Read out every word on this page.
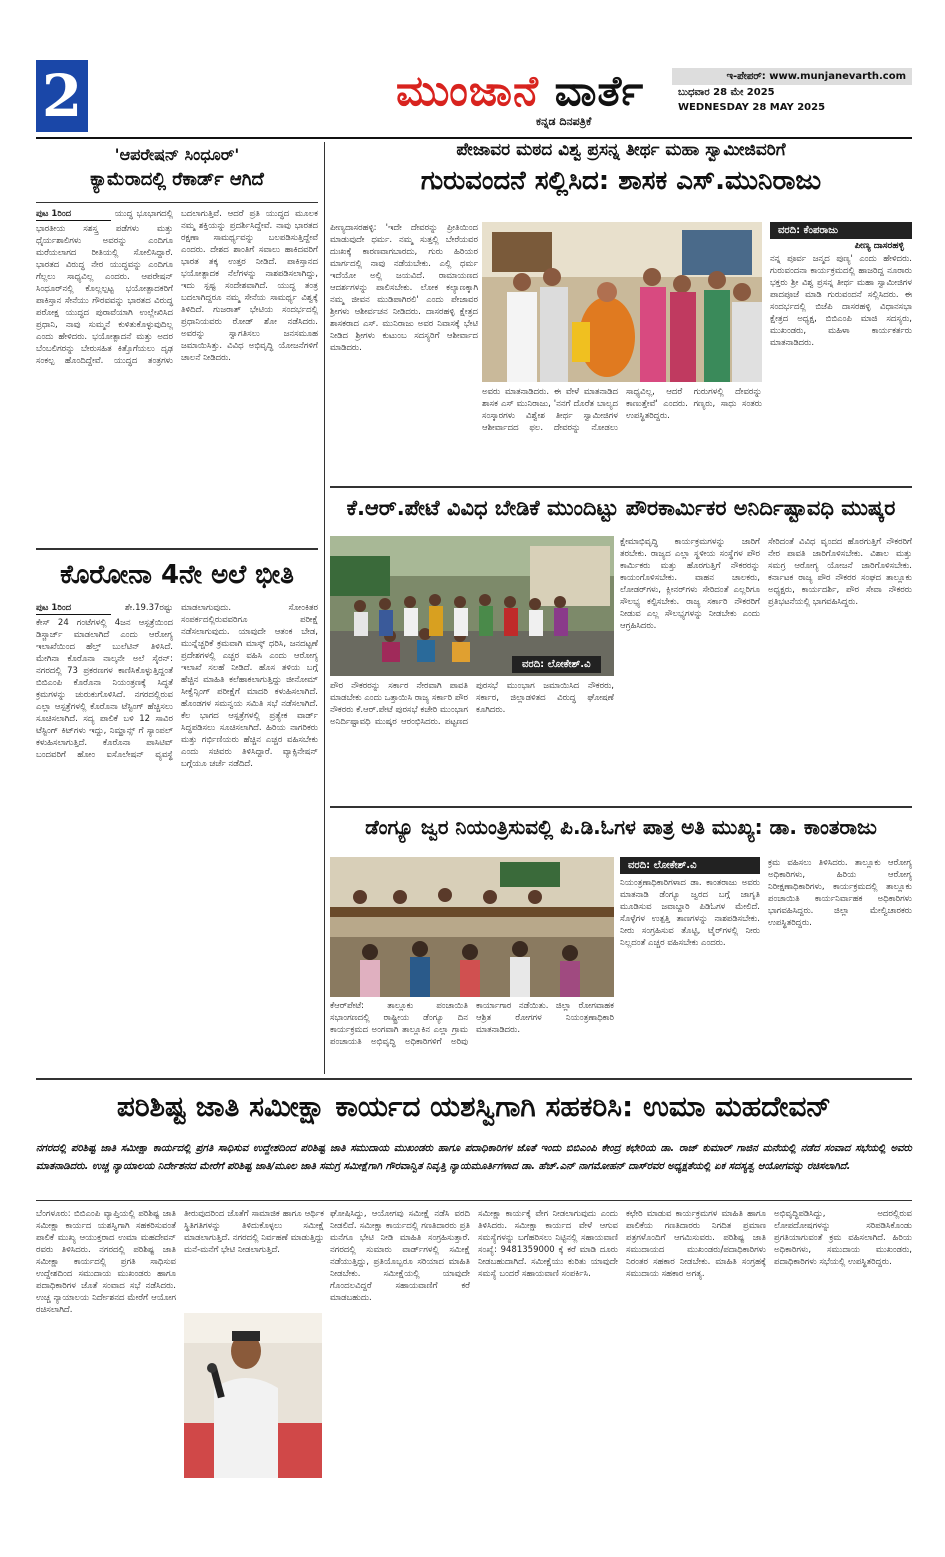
2	ಮುಂಜಾನೆ ವಾರ್ತೆ
ಕನ್ನಡ ದಿನಪತ್ರಿಕೆ
ಇ-ಪೇಪರ್: www.munjanevarth.com
ಬುಧವಾರ 28 ಮೇ 2025
WEDNESDAY 28 MAY 2025
'ಆಪರೇಷನ್ ಸಿಂಧೂರ್'
ಕ್ಯಾಮೆರಾದಲ್ಲಿ ರೆಕಾರ್ಡ್ ಆಗಿದೆ
ಪುಟ 1ರಿಂದ	ಯುದ್ಧ ಭೂಭಾಗದಲ್ಲಿ ಭಾರತೀಯ ಸಶಸ್ತ್ರ ಪಡೆಗಳು ಮತ್ತು ಧೈರ್ಯಶಾಲಿಗಳು ಅವರನ್ನು ಎಂದಿಗೂ ಮರೆಯಲಾಗದ ರೀತಿಯಲ್ಲಿ ಸೋಲಿಸಿದ್ದಾರೆ. ಭಾರತದ ವಿರುದ್ಧ ನೇರ ಯುದ್ಧವನ್ನು ಎಂದಿಗೂ ಗೆಲ್ಲಲು ಸಾಧ್ಯವಿಲ್ಲ ಎಂದರು. ಆಪರೇಷನ್ ಸಿಂಧೂರ್‌ನಲ್ಲಿ ಕೊಲ್ಲಲ್ಪಟ್ಟ ಭಯೋತ್ಪಾದಕರಿಗೆ ಪಾಕಿಸ್ತಾನ ಸೇನೆಯು ಗೌರವವನ್ನು ಭಾರತದ ವಿರುದ್ಧ ಪರೋಕ್ಷ ಯುದ್ಧದ ಪುರಾವೆಯಾಗಿ ಉಲ್ಲೇಖಿಸಿದ ಪ್ರಧಾನಿ, ನಾವು ಸುಮ್ಮನೆ ಕುಳಿತುಕೊಳ್ಳುವುದಿಲ್ಲ ಎಂದು ಹೇಳಿದರು. ಭಯೋತ್ಪಾದನೆ ಮತ್ತು ಅದರ ಬೆಂಬಲಿಗರನ್ನು ಬೇರುಸಹಿತ ಕಿತ್ತೊಗೆಯಲು ದೃಢ ಸಂಕಲ್ಪ ಹೊಂದಿದ್ದೇವೆ. ಯುದ್ಧದ ತಂತ್ರಗಳು ಬದಲಾಗುತ್ತಿವೆ. ಆದರೆ ಪ್ರತಿ ಯುದ್ಧದ ಮೂಲಕ ನಮ್ಮ ಶಕ್ತಿಯನ್ನು ಪ್ರದರ್ಶಿಸಿದ್ದೇವೆ. ನಾವು ಭಾರತದ ರಕ್ಷಣಾ ಸಾಮರ್ಥ್ಯವನ್ನು ಬಲಪಡಿಸುತ್ತಿದ್ದೇವೆ ಎಂದರು. ದೇಶದ ಶಾಂತಿಗೆ ಸವಾಲು ಹಾಕಿದವರಿಗೆ ಭಾರತ ತಕ್ಕ ಉತ್ತರ ನೀಡಿದೆ. ಪಾಕಿಸ್ತಾನದ ಭಯೋತ್ಪಾದಕ ನೆಲೆಗಳನ್ನು ನಾಶಪಡಿಸಲಾಗಿದ್ದು, ಇದು ಸ್ಪಷ್ಟ ಸಂದೇಶವಾಗಿದೆ. ಯುದ್ಧ ತಂತ್ರ ಬದಲಾಗಿದ್ದರೂ ನಮ್ಮ ಸೇನೆಯ ಸಾಮರ್ಥ್ಯ ವಿಶ್ವಕ್ಕೆ ತಿಳಿದಿದೆ. ಗುಜರಾತ್ ಭೇಟಿಯ ಸಂದರ್ಭದಲ್ಲಿ ಪ್ರಧಾನಿಯವರು ರೋಡ್ ಶೋ ನಡೆಸಿದರು. ಅವರನ್ನು ಸ್ವಾಗತಿಸಲು ಜನಸಮೂಹ ಜಮಾಯಿಸಿತ್ತು. ವಿವಿಧ ಅಭಿವೃದ್ಧಿ ಯೋಜನೆಗಳಿಗೆ ಚಾಲನೆ ನೀಡಿದರು.
ಕೊರೋನಾ 4ನೇ ಅಲೆ ಭೀತಿ
ಪುಟ 1ರಿಂದ	ಶೇ.19.37ರಷ್ಟು ಕೇಸ್ 24 ಗಂಟೆಗಳಲ್ಲಿ 4ಜನ ಆಸ್ಪತ್ರೆಯಿಂದ ಡಿಸ್ಚಾರ್ಜ್ ಮಾಡಲಾಗಿದೆ ಎಂದು ಆರೋಗ್ಯ ಇಲಾಖೆಯಿಂದ ಹೆಲ್ತ್ ಬುಲೆಟಿನ್ ತಿಳಿಸಿದೆ. ಮೇಗಿನಾ ಕೊರೊನಾ ನಾಲ್ಕನೇ ಅಲೆ ಸೈರನ್: ನಗರದಲ್ಲಿ 73 ಪ್ರಕರಣಗಳ ಕಾಣಿಸಿಕೊಳ್ಳುತ್ತಿದ್ದಂತೆ ಬಿಬಿಎಂಪಿ ಕೊರೊನಾ ನಿಯಂತ್ರಣಕ್ಕೆ ಸಿದ್ಧತೆ ಕ್ರಮಗಳನ್ನು ಚುರುಕುಗೊಳಿಸಿದೆ. ನಗರದಲ್ಲಿರುವ ಎಲ್ಲಾ ಆಸ್ಪತ್ರೆಗಳಲ್ಲಿ ಕೊರೊನಾ ಟೆಸ್ಟಿಂಗ್ ಹೆಚ್ಚಿಸಲು ಸೂಚಿಸಲಾಗಿದೆ. ಸದ್ಯ ಪಾಲಿಕೆ ಬಳಿ 12 ಸಾವಿರ ಟೆಸ್ಟಿಂಗ್ ಕಿಟ್‌ಗಳು ಇದ್ದು, ನಿಮ್ಹಾನ್ಸ್ ಗೆ ಸ್ಯಾಂಪಲ್ ಕಳುಹಿಸಲಾಗುತ್ತಿದೆ. ಕೊರೊನಾ ಪಾಸಿಟಿವ್ ಬಂದವರಿಗೆ ಹೋಂ ಐಸೊಲೇಷನ್ ವ್ಯವಸ್ಥೆ ಮಾಡಲಾಗುವುದು. ಸೋಂಕಿತರ ಸಂಪರ್ಕದಲ್ಲಿರುವವರಿಗೂ ಪರೀಕ್ಷೆ ನಡೆಸಲಾಗುವುದು. ಯಾವುದೇ ಆತಂಕ ಬೇಡ, ಮುನ್ನೆಚ್ಚರಿಕೆ ಕ್ರಮವಾಗಿ ಮಾಸ್ಕ್ ಧರಿಸಿ, ಜನದಟ್ಟಣೆ ಪ್ರದೇಶಗಳಲ್ಲಿ ಎಚ್ಚರ ವಹಿಸಿ ಎಂದು ಆರೋಗ್ಯ ಇಲಾಖೆ ಸಲಹೆ ನೀಡಿದೆ. ಹೊಸ ತಳಿಯ ಬಗ್ಗೆ ಹೆಚ್ಚಿನ ಮಾಹಿತಿ ಕಲೆಹಾಕಲಾಗುತ್ತಿದ್ದು ಜೀನೋಮ್ ಸೀಕ್ವೆನ್ಸಿಂಗ್ ಪರೀಕ್ಷೆಗೆ ಮಾದರಿ ಕಳುಹಿಸಲಾಗಿದೆ. ಹೊಂಡಗಳ ಸಮನ್ವಯ ಸಮಿತಿ ಸಭೆ ನಡೆಸಲಾಗಿದೆ. ಕೆಲ ಭಾಗದ ಆಸ್ಪತ್ರೆಗಳಲ್ಲಿ ಪ್ರತ್ಯೇಕ ವಾರ್ಡ್ ಸಿದ್ಧಪಡಿಸಲು ಸೂಚಿಸಲಾಗಿದೆ. ಹಿರಿಯ ನಾಗರಿಕರು ಮತ್ತು ಗರ್ಭಿಣಿಯರು ಹೆಚ್ಚಿನ ಎಚ್ಚರ ವಹಿಸಬೇಕು ಎಂದು ಸಚಿವರು ತಿಳಿಸಿದ್ದಾರೆ. ವ್ಯಾಕ್ಸಿನೇಷನ್ ಬಗ್ಗೆಯೂ ಚರ್ಚೆ ನಡೆದಿದೆ.
ಪೇಜಾವರ ಮಠದ ವಿಶ್ವ ಪ್ರಸನ್ನ ತೀರ್ಥ ಮಹಾ ಸ್ವಾಮೀಜಿವರಿಗೆ
ಗುರುವಂದನೆ ಸಲ್ಲಿಸಿದ: ಶಾಸಕ ಎಸ್.ಮುನಿರಾಜು
ಪೀಣ್ಯದಾಸರಹಳ್ಳಿ: 'ಇದೇ ದೇವರನ್ನು ಪ್ರೀತಿಯಿಂದ ಮಾಡುವುದೇ ಧರ್ಮ. ನಮ್ಮ ಸುತ್ತಲ್ಲಿ ಬೇರೆಯವರ ದುಃಖಕ್ಕೆ ಕಾರಣವಾಗಬಾರದು, ಗುರು ಹಿರಿಯರ ಮಾರ್ಗದಲ್ಲಿ ನಾವು ನಡೆಯಬೇಕು. ಎಲ್ಲಿ ಧರ್ಮ ಇದೆಯೋ ಅಲ್ಲಿ ಜಯವಿದೆ. ರಾಮಾಯಣದ ಆದರ್ಶಗಳನ್ನು ಪಾಲಿಸಬೇಕು. ಲೋಕ ಕಲ್ಯಾಣಕ್ಕಾಗಿ ನಮ್ಮ ಜೀವನ ಮುಡಿಪಾಗಿರಲಿ' ಎಂದು ಪೇಜಾವರ ಶ್ರೀಗಳು ಆಶೀರ್ವಚನ ನೀಡಿದರು. ದಾಸರಹಳ್ಳಿ ಕ್ಷೇತ್ರದ ಶಾಸಕರಾದ ಎಸ್. ಮುನಿರಾಜು ಅವರ ನಿವಾಸಕ್ಕೆ ಭೇಟಿ ನೀಡಿದ ಶ್ರೀಗಳು ಕುಟುಂಬ ಸದಸ್ಯರಿಗೆ ಆಶೀರ್ವಾದ ಮಾಡಿದರು.
ಅವರು ಮಾತನಾಡಿದರು. ಈ ವೇಳೆ ಮಾತನಾಡಿದ ಶಾಸಕ ಎಸ್ ಮುನಿರಾಜು, 'ನನಗೆ ದೊರೆತ ಬಾಲ್ಯದ ಸಂಸ್ಕಾರಗಳು ವಿಶ್ವೇಶ ತೀರ್ಥ ಸ್ವಾಮೀಜಿಗಳ ಆಶೀರ್ವಾದದ ಫಲ. ದೇವರನ್ನು ನೋಡಲು ಸಾಧ್ಯವಿಲ್ಲ, ಆದರೆ ಗುರುಗಳಲ್ಲಿ ದೇವರನ್ನು ಕಾಣುತ್ತೇವೆ' ಎಂದರು. ಗಣ್ಯರು, ಸಾಧು ಸಂತರು ಉಪಸ್ಥಿತರಿದ್ದರು.
ವರದಿ: ಕೆಂಪರಾಜು
ಪೀಣ್ಯ ದಾಸರಹಳ್ಳಿ
ನನ್ನ ಪೂರ್ವ ಜನ್ಮದ ಪುಣ್ಯ' ಎಂದು ಹೇಳಿದರು. ಗುರುವಂದನಾ ಕಾರ್ಯಕ್ರಮದಲ್ಲಿ ಹಾಜರಿದ್ದ ನೂರಾರು ಭಕ್ತರು ಶ್ರೀ ವಿಶ್ವ ಪ್ರಸನ್ನ ತೀರ್ಥ ಮಹಾ ಸ್ವಾಮೀಜಿಗಳ ಪಾದಪೂಜೆ ಮಾಡಿ ಗುರುವಂದನೆ ಸಲ್ಲಿಸಿದರು. ಈ ಸಂದರ್ಭದಲ್ಲಿ ಬಿಜೆಪಿ ದಾಸರಹಳ್ಳಿ ವಿಧಾನಸಭಾ ಕ್ಷೇತ್ರದ ಅಧ್ಯಕ್ಷ, ಬಿಬಿಎಂಪಿ ಮಾಜಿ ಸದಸ್ಯರು, ಮುಖಂಡರು, ಮಹಿಳಾ ಕಾರ್ಯಕರ್ತರು ಮಾತನಾಡಿದರು.
ಕೆ.ಆರ್.ಪೇಟೆ ವಿವಿಧ ಬೇಡಿಕೆ ಮುಂದಿಟ್ಟು ಪೌರಕಾರ್ಮಿಕರ ಅನಿರ್ದಿಷ್ಟಾವಧಿ ಮುಷ್ಕರ
ವರದಿ: ಲೋಕೇಶ್.ವಿ
ಪೌರ ನೌಕರರನ್ನು ಸರ್ಕಾರ ನೇರವಾಗಿ ಪಾವತಿ ಮಾಡಬೇಕು ಎಂದು ಒತ್ತಾಯಿಸಿ ರಾಜ್ಯ ಸರ್ಕಾರಿ ಪೌರ ನೌಕರರು ಕೆ.ಆರ್.ಪೇಟೆ ಪುರಸಭೆ ಕಚೇರಿ ಮುಂಭಾಗ ಅನಿರ್ದಿಷ್ಟಾವಧಿ ಮುಷ್ಕರ ಆರಂಭಿಸಿದರು. ಪಟ್ಟಣದ ಪುರಸಭೆ ಮುಂಭಾಗ ಜಮಾಯಿಸಿದ ನೌಕರರು, ಸರ್ಕಾರ, ಜಿಲ್ಲಾಡಳಿತದ ವಿರುದ್ಧ ಘೋಷಣೆ ಕೂಗಿದರು.
ಕ್ಷೇಮಾಭಿವೃದ್ಧಿ ಕಾರ್ಯಕ್ರಮಗಳನ್ನು ಜಾರಿಗೆ ತರಬೇಕು. ರಾಜ್ಯದ ಎಲ್ಲಾ ಸ್ಥಳೀಯ ಸಂಸ್ಥೆಗಳ ಪೌರ ಕಾರ್ಮಿಕರು ಮತ್ತು ಹೊರಗುತ್ತಿಗೆ ನೌಕರರನ್ನು ಕಾಯಂಗೊಳಿಸಬೇಕು. ವಾಹನ ಚಾಲಕರು, ಲೋಡರ್‌ಗಳು, ಕ್ಲೀನರ್‌ಗಳು ಸೇರಿದಂತೆ ಎಲ್ಲರಿಗೂ ಸೌಲಭ್ಯ ಕಲ್ಪಿಸಬೇಕು. ರಾಜ್ಯ ಸರ್ಕಾರಿ ನೌಕರರಿಗೆ ನೀಡುವ ಎಲ್ಲ ಸೌಲಭ್ಯಗಳನ್ನು ನೀಡಬೇಕು ಎಂದು ಆಗ್ರಹಿಸಿದರು.
ಸೇರಿದಂತೆ ವಿವಿಧ ವೃಂದದ ಹೊರಗುತ್ತಿಗೆ ನೌಕರರಿಗೆ ನೇರ ಪಾವತಿ ಜಾರಿಗೊಳಿಸಬೇಕು. ವಿಶಾಲ ಮತ್ತು ಸಮಗ್ರ ಆರೋಗ್ಯ ಯೋಜನೆ ಜಾರಿಗೊಳಿಸಬೇಕು. ಕರ್ನಾಟಕ ರಾಜ್ಯ ಪೌರ ನೌಕರರ ಸಂಘದ ತಾಲ್ಲೂಕು ಅಧ್ಯಕ್ಷರು, ಕಾರ್ಯದರ್ಶಿ, ಪೌರ ಸೇವಾ ನೌಕರರು ಪ್ರತಿಭಟನೆಯಲ್ಲಿ ಭಾಗವಹಿಸಿದ್ದರು.
ಡೆಂಗ್ಯೂ ಜ್ವರ ನಿಯಂತ್ರಿಸುವಲ್ಲಿ ಪಿ.ಡಿ.ಓಗಳ ಪಾತ್ರ ಅತಿ ಮುಖ್ಯ: ಡಾ. ಕಾಂತರಾಜು
ಕೆಆರ್‌ಪೇಟೆ: ತಾಲ್ಲೂಕು ಪಂಚಾಯಿತಿ ಸಭಾಂಗಣದಲ್ಲಿ ರಾಷ್ಟ್ರೀಯ ಡೆಂಗ್ಯೂ ದಿನ ಕಾರ್ಯಕ್ರಮದ ಅಂಗವಾಗಿ ತಾಲ್ಲೂಕಿನ ಎಲ್ಲಾ ಗ್ರಾಮ ಪಂಚಾಯತಿ ಅಭಿವೃದ್ಧಿ ಅಧಿಕಾರಿಗಳಿಗೆ ಅರಿವು ಕಾರ್ಯಾಗಾರ ನಡೆಯಿತು. ಜಿಲ್ಲಾ ರೋಗವಾಹಕ ಆಶ್ರಿತ ರೋಗಗಳ ನಿಯಂತ್ರಣಾಧಿಕಾರಿ ಮಾತನಾಡಿದರು.
ವರದಿ: ಲೋಕೇಶ್.ವಿ
ನಿಯಂತ್ರಣಾಧಿಕಾರಿಗಳಾದ ಡಾ. ಕಾಂತರಾಜು ಅವರು ಮಾತನಾಡಿ ಡೆಂಗ್ಯೂ ಜ್ವರದ ಬಗ್ಗೆ ಜಾಗೃತಿ ಮೂಡಿಸುವ ಜವಾಬ್ದಾರಿ ಪಿಡಿಓಗಳ ಮೇಲಿದೆ. ಸೊಳ್ಳೆಗಳ ಉತ್ಪತ್ತಿ ತಾಣಗಳನ್ನು ನಾಶಪಡಿಸಬೇಕು. ನೀರು ಸಂಗ್ರಹಿಸುವ ತೊಟ್ಟಿ, ಟೈರ್‌ಗಳಲ್ಲಿ ನೀರು ನಿಲ್ಲದಂತೆ ಎಚ್ಚರ ವಹಿಸಬೇಕು ಎಂದರು.
ಕ್ರಮ ವಹಿಸಲು ತಿಳಿಸಿದರು. ತಾಲ್ಲೂಕು ಆರೋಗ್ಯ ಅಧಿಕಾರಿಗಳು, ಹಿರಿಯ ಆರೋಗ್ಯ ನಿರೀಕ್ಷಣಾಧಿಕಾರಿಗಳು, ಕಾರ್ಯಕ್ರಮದಲ್ಲಿ ತಾಲ್ಲೂಕು ಪಂಚಾಯಿತಿ ಕಾರ್ಯನಿರ್ವಾಹಕ ಅಧಿಕಾರಿಗಳು ಭಾಗವಹಿಸಿದ್ದರು. ಜಿಲ್ಲಾ ಮೇಲ್ವಿಚಾರಕರು ಉಪಸ್ಥಿತರಿದ್ದರು.
ಪರಿಶಿಷ್ಟ ಜಾತಿ ಸಮೀಕ್ಷಾ ಕಾರ್ಯದ ಯಶಸ್ವಿಗಾಗಿ ಸಹಕರಿಸಿ: ಉಮಾ ಮಹದೇವನ್
ನಗರದಲ್ಲಿ ಪರಿಶಿಷ್ಟ ಜಾತಿ ಸಮೀಕ್ಷಾ ಕಾರ್ಯದಲ್ಲಿ ಪ್ರಗತಿ ಸಾಧಿಸುವ ಉದ್ದೇಶದಿಂದ ಪರಿಶಿಷ್ಟ ಜಾತಿ ಸಮುದಾಯ ಮುಖಂಡರು ಹಾಗೂ ಪದಾಧಿಕಾರಿಗಳ ಜೊತೆ ಇಂದು ಬಿಬಿಎಂಪಿ ಕೇಂದ್ರ ಕಛೇರಿಯ ಡಾ. ರಾಜ್ ಕುಮಾರ್ ಗಾಜಿನ ಮನೆಯಲ್ಲಿ ನಡೆದ ಸಂವಾದ ಸಭೆಯಲ್ಲಿ ಅವರು ಮಾತನಾಡಿದರು. ಉಚ್ಚ ನ್ಯಾಯಾಲಯ ನಿರ್ದೇಶನದ ಮೇರೆಗೆ ಪರಿಶಿಷ್ಟ ಜಾತಿ/ಮೂಲ ಜಾತಿ ಸಮಗ್ರ ಸಮೀಕ್ಷೆಗಾಗಿ ಗೌರವಾನ್ವಿತ ನಿವೃತ್ತಿ ನ್ಯಾಯಮೂರ್ತಿಗಳಾದ ಡಾ. ಹೆಚ್.ಎನ್ ನಾಗಮೋಹನ್ ದಾಸ್‌ರವರ ಅಧ್ಯಕ್ಷತೆಯಲ್ಲಿ ಏಕ ಸದಸ್ಯತ್ವ ಆಯೋಗವನ್ನು ರಚಿಸಲಾಗಿದೆ.
ಬೆಂಗಳೂರು: ಬಿಬಿಎಂಪಿ ವ್ಯಾಪ್ತಿಯಲ್ಲಿ ಪರಿಶಿಷ್ಟ ಜಾತಿ ಸಮೀಕ್ಷಾ ಕಾರ್ಯದ ಯಶಸ್ವಿಗಾಗಿ ಸಹಕರಿಸುವಂತೆ ಪಾಲಿಕೆ ಮುಖ್ಯ ಆಯುಕ್ತರಾದ ಉಮಾ ಮಹದೇವನ್ ರವರು ತಿಳಿಸಿದರು. ನಗರದಲ್ಲಿ ಪರಿಶಿಷ್ಟ ಜಾತಿ ಸಮೀಕ್ಷಾ ಕಾರ್ಯದಲ್ಲಿ ಪ್ರಗತಿ ಸಾಧಿಸುವ ಉದ್ದೇಶದಿಂದ ಸಮುದಾಯ ಮುಖಂಡರು ಹಾಗೂ ಪದಾಧಿಕಾರಿಗಳ ಜೊತೆ ಸಂವಾದ ಸಭೆ ನಡೆಸಿದರು. ಉಚ್ಚ ನ್ಯಾಯಾಲಯ ನಿರ್ದೇಶನದ ಮೇರೆಗೆ ಆಯೋಗ ರಚಿಸಲಾಗಿದೆ.
ತೀರುವುದರಿಂದ ಜೊತೆಗೆ ಸಾಮಾಜಿಕ ಹಾಗೂ ಆರ್ಥಿಕ ಸ್ಥಿತಿಗತಿಗಳನ್ನು ತಿಳಿದುಕೊಳ್ಳಲು ಸಮೀಕ್ಷೆ ಮಾಡಲಾಗುತ್ತಿದೆ. ನಗರದಲ್ಲಿ ನಿರ್ವಹಣೆ ಮಾಡುತ್ತಿದ್ದು ಮನೆ-ಮನೆಗೆ ಭೇಟಿ ನೀಡಲಾಗುತ್ತಿದೆ.
ಘೋಷಿಸಿದ್ದು, ಆಯೋಗವು ಸಮೀಕ್ಷೆ ನಡೆಸಿ ವರದಿ ನೀಡಲಿದೆ. ಸಮೀಕ್ಷಾ ಕಾರ್ಯದಲ್ಲಿ ಗಣತಿದಾರರು ಪ್ರತಿ ಮನೆಗೂ ಭೇಟಿ ನೀಡಿ ಮಾಹಿತಿ ಸಂಗ್ರಹಿಸುತ್ತಾರೆ. ನಗರದಲ್ಲಿ ಸುಮಾರು ವಾರ್ಡ್‌ಗಳಲ್ಲಿ ಸಮೀಕ್ಷೆ ನಡೆಯುತ್ತಿದ್ದು, ಪ್ರತಿಯೊಬ್ಬರೂ ಸರಿಯಾದ ಮಾಹಿತಿ ನೀಡಬೇಕು. ಸಮೀಕ್ಷೆಯಲ್ಲಿ ಯಾವುದೇ ಗೊಂದಲವಿದ್ದರೆ ಸಹಾಯವಾಣಿಗೆ ಕರೆ ಮಾಡಬಹುದು.
ಸಮೀಕ್ಷಾ ಕಾರ್ಯಕ್ಕೆ ವೇಗ ನೀಡಲಾಗುವುದು ಎಂದು ತಿಳಿಸಿದರು. ಸಮೀಕ್ಷಾ ಕಾರ್ಯದ ವೇಳೆ ಆಗುವ ಸಮಸ್ಯೆಗಳನ್ನು ಬಗೆಹರಿಸಲು ನಿಟ್ಟಿನಲ್ಲಿ ಸಹಾಯವಾಣಿ ಸಂಖ್ಯೆ: 9481359000 ಕ್ಕೆ ಕರೆ ಮಾಡಿ ದೂರು ನೀಡಬಹುದಾಗಿದೆ. ಸಮೀಕ್ಷೆಯು ಕುರಿತು ಯಾವುದೇ ಸಮಸ್ಯೆ ಬಂದರೆ ಸಹಾಯವಾಣಿ ಸಂಪರ್ಕಿಸಿ.
ಕಛೇರಿ ಮಾಡುವ ಕಾರ್ಯಕ್ರಮಗಳ ಮಾಹಿತಿ ಹಾಗೂ ಪಾಲಿಕೆಯ ಗಣತಿದಾರರು ನಿಗದಿತ ಪ್ರಮಾಣ ಪತ್ರಗಳೊಂದಿಗೆ ಆಗಮಿಸುವರು. ಪರಿಶಿಷ್ಟ ಜಾತಿ ಸಮುದಾಯದ ಮುಖಂಡರು/ಪದಾಧಿಕಾರಿಗಳು ನಿರಂತರ ಸಹಕಾರ ನೀಡಬೇಕು. ಮಾಹಿತಿ ಸಂಗ್ರಹಕ್ಕೆ ಸಮುದಾಯ ಸಹಕಾರ ಅಗತ್ಯ.
ಅಭಿವೃದ್ಧಿಪಡಿಸಿದ್ದು, ಅದರಲ್ಲಿರುವ ಲೋಪದೋಷಗಳನ್ನು ಸರಿಪಡಿಸಿಕೊಂಡು ಪ್ರಗತಿಯಾಗುವಂತೆ ಕ್ರಮ ವಹಿಸಲಾಗಿದೆ. ಹಿರಿಯ ಅಧಿಕಾರಿಗಳು, ಸಮುದಾಯ ಮುಖಂಡರು, ಪದಾಧಿಕಾರಿಗಳು ಸಭೆಯಲ್ಲಿ ಉಪಸ್ಥಿತರಿದ್ದರು.
